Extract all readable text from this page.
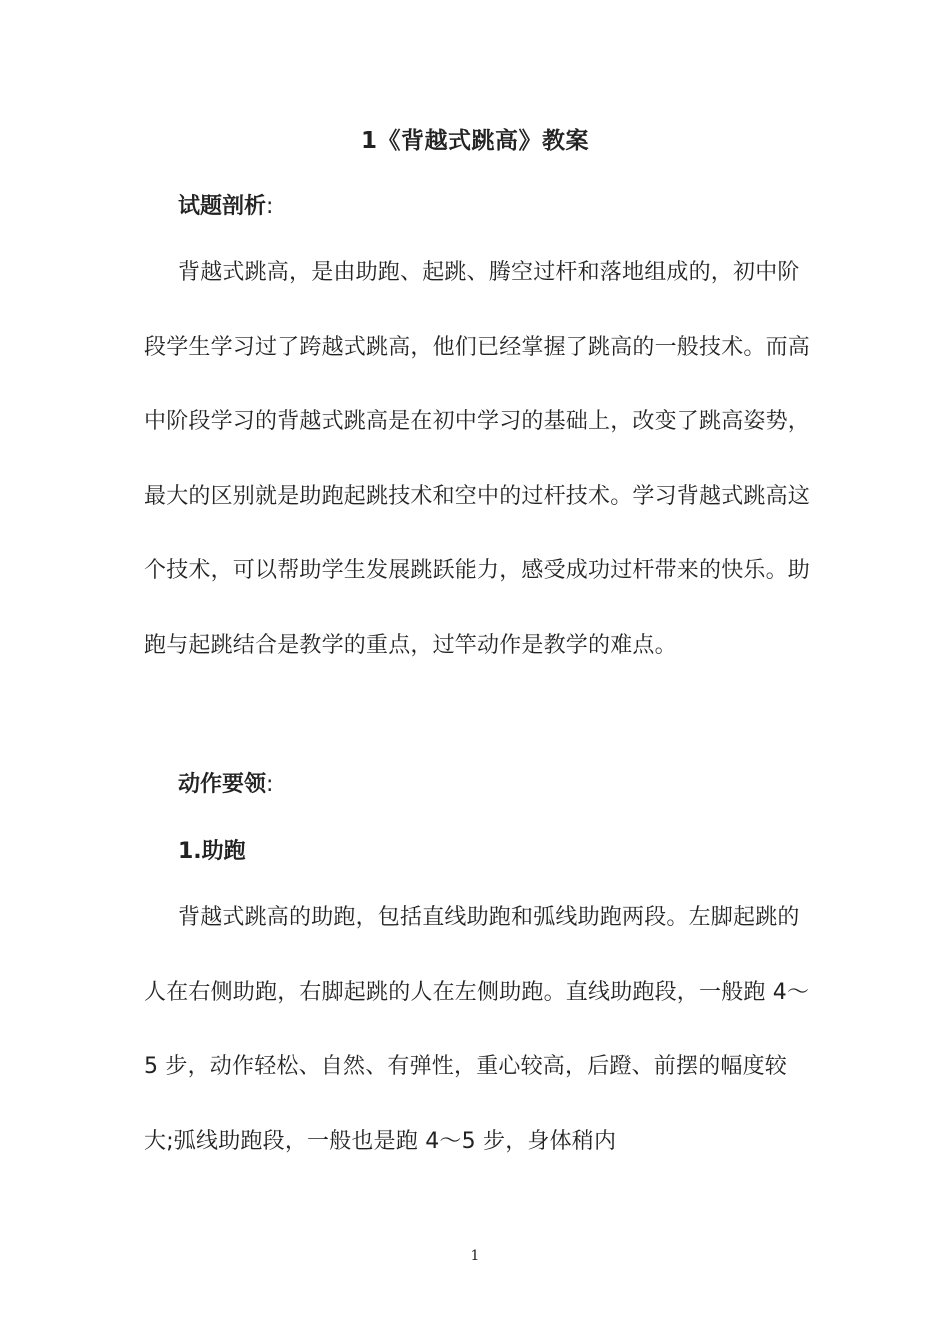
1《背越式跳高》教案
试题剖析:

背越式跳高，是由助跑、起跳、腾空过杆和落地组成的，初中阶段学生学习过了跨越式跳高，他们已经掌握了跳高的一般技术。而高中阶段学习的背越式跳高是在初中学习的基础上，改变了跳高姿势，最大的区别就是助跑起跳技术和空中的过杆技术。学习背越式跳高这个技术，可以帮助学生发展跳跃能力，感受成功过杆带来的快乐。助跑与起跳结合是教学的重点，过竿动作是教学的难点。

动作要领:
1.助跑

背越式跳高的助跑，包括直线助跑和弧线助跑两段。左脚起跳的人在右侧助跑，右脚起跳的人在左侧助跑。直线助跑段，一般跑 4～5 步，动作轻松、自然、有弹性，重心较高，后蹬、前摆的幅度较大;弧线助跑段，一般也是跑 4～5 步，身体稍内

1
